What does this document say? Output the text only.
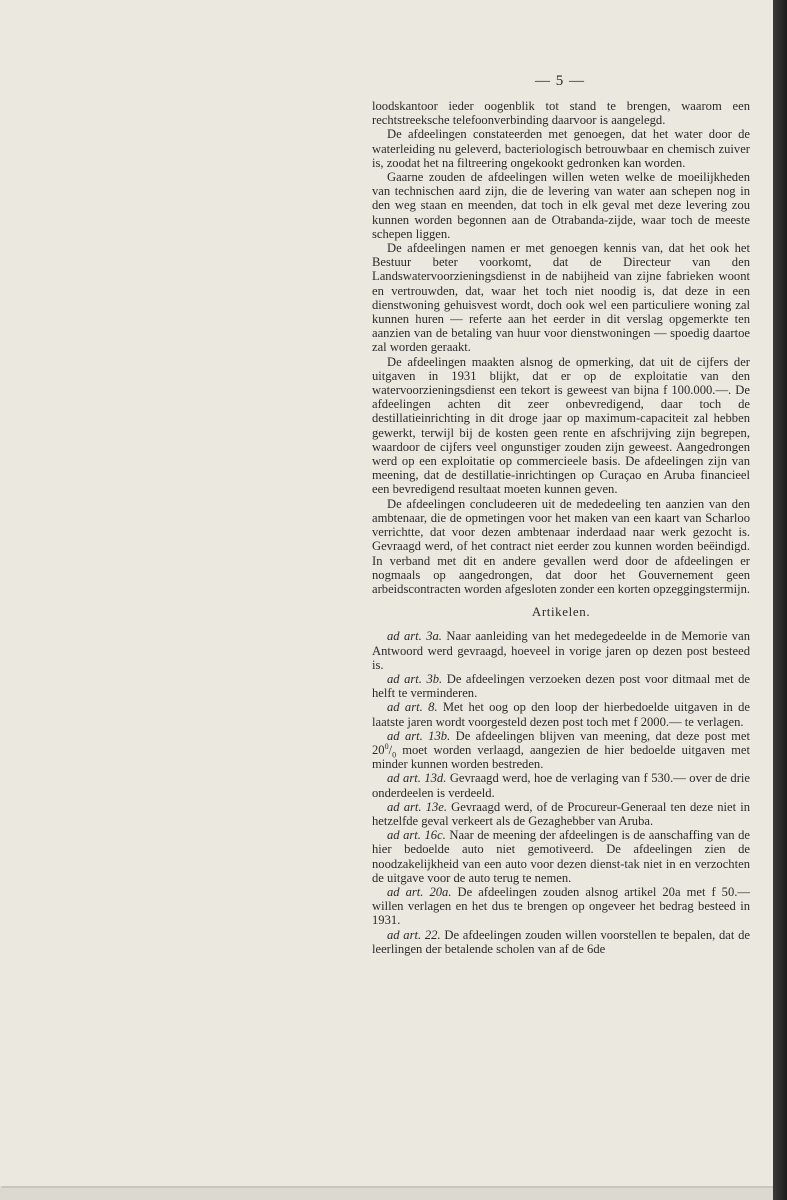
— 5 —

loodskantoor ieder oogenblik tot stand te brengen, waarom een rechtstreeksche telefoonverbinding daarvoor is aangelegd.

De afdeelingen constateerden met genoegen, dat het water door de waterleiding nu geleverd, bacteriologisch betrouwbaar en chemisch zuiver is, zoodat het na filtreering ongekookt gedronken kan worden.

Gaarne zouden de afdeelingen willen weten welke de moeilijkheden van technischen aard zijn, die de levering van water aan schepen nog in den weg staan en meenden, dat toch in elk geval met deze levering zou kunnen worden begonnen aan de Otrabanda-zijde, waar toch de meeste schepen liggen.

De afdeelingen namen er met genoegen kennis van, dat het ook het Bestuur beter voorkomt, dat de Directeur van den Landswatervoorzieningsdienst in de nabijheid van zijne fabrieken woont en vertrouwden, dat, waar het toch niet noodig is, dat deze in een dienstwoning gehuisvest wordt, doch ook wel een particuliere woning zal kunnen huren — referte aan het eerder in dit verslag opgemerkte ten aanzien van de betaling van huur voor dienstwoningen — spoedig daartoe zal worden geraakt.

De afdeelingen maakten alsnog de opmerking, dat uit de cijfers der uitgaven in 1931 blijkt, dat er op de exploitatie van den watervoorzieningsdienst een tekort is geweest van bijna f 100.000.—. De afdeelingen achten dit zeer onbevredigend, daar toch de destillatieinrichting in dit droge jaar op maximum-capaciteit zal hebben gewerkt, terwijl bij de kosten geen rente en afschrijving zijn begrepen, waardoor de cijfers veel ongunstiger zouden zijn geweest. Aangedrongen werd op een exploitatie op commercieele basis. De afdeelingen zijn van meening, dat de destillatie-inrichtingen op Curaçao en Aruba financieel een bevredigend resultaat moeten kunnen geven.

De afdeelingen concludeeren uit de mededeeling ten aanzien van den ambtenaar, die de opmetingen voor het maken van een kaart van Scharloo verrichtte, dat voor dezen ambtenaar inderdaad naar werk gezocht is. Gevraagd werd, of het contract niet eerder zou kunnen worden beëindigd. In verband met dit en andere gevallen werd door de afdeelingen er nogmaals op aangedrongen, dat door het Gouvernement geen arbeidscontracten worden afgesloten zonder een korten opzeggingstermijn.

Artikelen.

ad art. 3a. Naar aanleiding van het medegedeelde in de Memorie van Antwoord werd gevraagd, hoeveel in vorige jaren op dezen post besteed is.

ad art. 3b. De afdeelingen verzoeken dezen post voor ditmaal met de helft te verminderen.

ad art. 8. Met het oog op den loop der hierbedoelde uitgaven in de laatste jaren wordt voorgesteld dezen post toch met f 2000.— te verlagen.

ad art. 13b. De afdeelingen blijven van meening, dat deze post met $20^0/_0$ moet worden verlaagd, aangezien de hier bedoelde uitgaven met minder kunnen worden bestreden.

ad art. 13d. Gevraagd werd, hoe de verlaging van f 530.— over de drie onderdeelen is verdeeld.

ad art. 13e. Gevraagd werd, of de Procureur-Generaal ten deze niet in hetzelfde geval verkeert als de Gezaghebber van Aruba.

ad art. 16c. Naar de meening der afdeelingen is de aanschaffing van de hier bedoelde auto niet gemotiveerd. De afdeelingen zien de noodzakelijkheid van een auto voor dezen dienst-tak niet in en verzochten de uitgave voor de auto terug te nemen.

ad art. 20a. De afdeelingen zouden alsnog artikel 20a met f 50.— willen verlagen en het dus te brengen op ongeveer het bedrag besteed in 1931.

ad art. 22. De afdeelingen zouden willen voorstellen te bepalen, dat de leerlingen der betalende scholen van af de 6de
